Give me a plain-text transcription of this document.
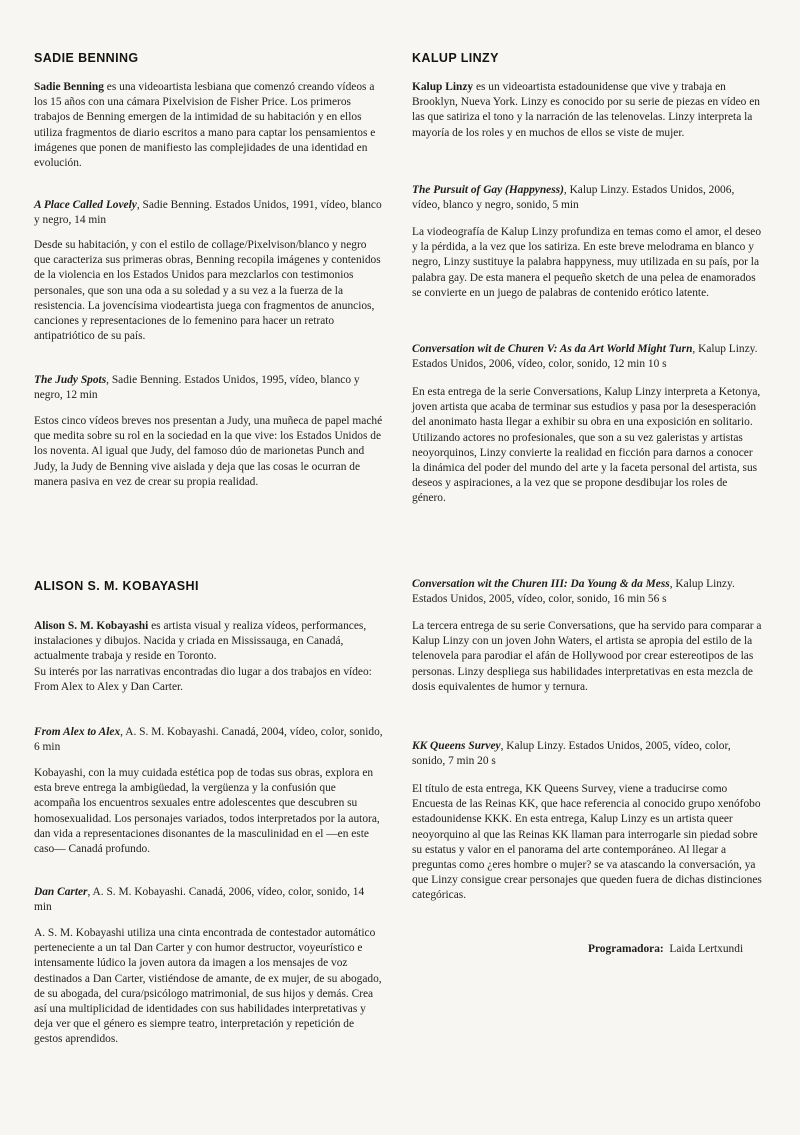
SADIE BENNING

Sadie Benning es una videoartista lesbiana que comenzó creando vídeos a los 15 años con una cámara Pixelvision de Fisher Price. Los primeros trabajos de Benning emergen de la intimidad de su habitación y en ellos utiliza fragmentos de diario escritos a mano para captar los pensamientos e imágenes que ponen de manifiesto las complejidades de una identidad en evolución.

A Place Called Lovely, Sadie Benning. Estados Unidos, 1991, vídeo, blanco y negro, 14 min

Desde su habitación, y con el estilo de collage/Pixelvison/blanco y negro que caracteriza sus primeras obras, Benning recopila imágenes y contenidos de la violencia en los Estados Unidos para mezclarlos con testimonios personales, que son una oda a su soledad y a su vez a la fuerza de la resistencia. La jovencísima viodeartista juega con fragmentos de anuncios, canciones y representaciones de lo femenino para hacer un retrato antipatriótico de su país.

The Judy Spots, Sadie Benning. Estados Unidos, 1995, vídeo, blanco y negro, 12 min

Estos cinco vídeos breves nos presentan a Judy, una muñeca de papel maché que medita sobre su rol en la sociedad en la que vive: los Estados Unidos de los noventa. Al igual que Judy, del famoso dúo de marionetas Punch and Judy, la Judy de Benning vive aislada y deja que las cosas le ocurran de manera pasiva en vez de crear su propia realidad.

KALUP LINZY

Kalup Linzy es un videoartista estadounidense que vive y trabaja en Brooklyn, Nueva York. Linzy es conocido por su serie de piezas en vídeo en las que satiriza el tono y la narración de las telenovelas. Linzy interpreta la mayoría de los roles y en muchos de ellos se viste de mujer.

The Pursuit of Gay (Happyness), Kalup Linzy. Estados Unidos, 2006, vídeo, blanco y negro, sonido, 5 min

La viodeografía de Kalup Linzy profundiza en temas como el amor, el deseo y la pérdida, a la vez que los satiriza. En este breve melodrama en blanco y negro, Linzy sustituye la palabra happyness, muy utilizada en su país, por la palabra gay. De esta manera el pequeño sketch de una pelea de enamorados se convierte en un juego de palabras de contenido erótico latente.

Conversation wit de Churen V: As da Art World Might Turn, Kalup Linzy. Estados Unidos, 2006, vídeo, color, sonido, 12 min 10 s

En esta entrega de la serie Conversations, Kalup Linzy interpreta a Ketonya, joven artista que acaba de terminar sus estudios y pasa por la desesperación del anonimato hasta llegar a exhibir su obra en una exposición en solitario. Utilizando actores no profesionales, que son a su vez galeristas y artistas neoyorquinos, Linzy convierte la realidad en ficción para darnos a conocer la dinámica del poder del mundo del arte y la faceta personal del artista, sus deseos y aspiraciones, a la vez que se propone desdibujar los roles de género.

ALISON S. M. KOBAYASHI

Alison S. M. Kobayashi es artista visual y realiza vídeos, performances, instalaciones y dibujos. Nacida y criada en Mississauga, en Canadá, actualmente trabaja y reside en Toronto.

Su interés por las narrativas encontradas dio lugar a dos trabajos en vídeo: From Alex to Alex y Dan Carter.

From Alex to Alex, A. S. M. Kobayashi. Canadá, 2004, vídeo, color, sonido, 6 min

Kobayashi, con la muy cuidada estética pop de todas sus obras, explora en esta breve entrega la ambigüedad, la vergüenza y la confusión que acompaña los encuentros sexuales entre adolescentes que descubren su homosexualidad. Los personajes variados, todos interpretados por la autora, dan vida a representaciones disonantes de la masculinidad en el —en este caso— Canadá profundo.

Dan Carter, A. S. M. Kobayashi. Canadá, 2006, vídeo, color, sonido, 14 min

A. S. M. Kobayashi utiliza una cinta encontrada de contestador automático perteneciente a un tal Dan Carter y con humor destructor, voyeurístico e intensamente lúdico la joven autora da imagen a los mensajes de voz destinados a Dan Carter, vistiéndose de amante, de ex mujer, de su abogado, de su abogada, del cura/psicólogo matrimonial, de sus hijos y demás. Crea así una multiplicidad de identidades con sus habilidades interpretativas y deja ver que el género es siempre teatro, interpretación y repetición de gestos aprendidos.

Conversation wit the Churen III: Da Young & da Mess, Kalup Linzy. Estados Unidos, 2005, vídeo, color, sonido, 16 min 56 s

La tercera entrega de su serie Conversations, que ha servido para comparar a Kalup Linzy con un joven John Waters, el artista se apropia del estilo de la telenovela para parodiar el afán de Hollywood por crear estereotipos de las personas. Linzy despliega sus habilidades interpretativas en esta mezcla de dosis equivalentes de humor y ternura.

KK Queens Survey, Kalup Linzy. Estados Unidos, 2005, vídeo, color, sonido, 7 min 20 s

El título de esta entrega, KK Queens Survey, viene a traducirse como Encuesta de las Reinas KK, que hace referencia al conocido grupo xenófobo estadounidense KKK. En esta entrega, Kalup Linzy es un artista queer neoyorquino al que las Reinas KK llaman para interrogarle sin piedad sobre su estatus y valor en el panorama del arte contemporáneo. Al llegar a preguntas como ¿eres hombre o mujer? se va atascando la conversación, ya que Linzy consigue crear personajes que queden fuera de dichas distinciones categóricas.

Programadora: Laida Lertxundi
